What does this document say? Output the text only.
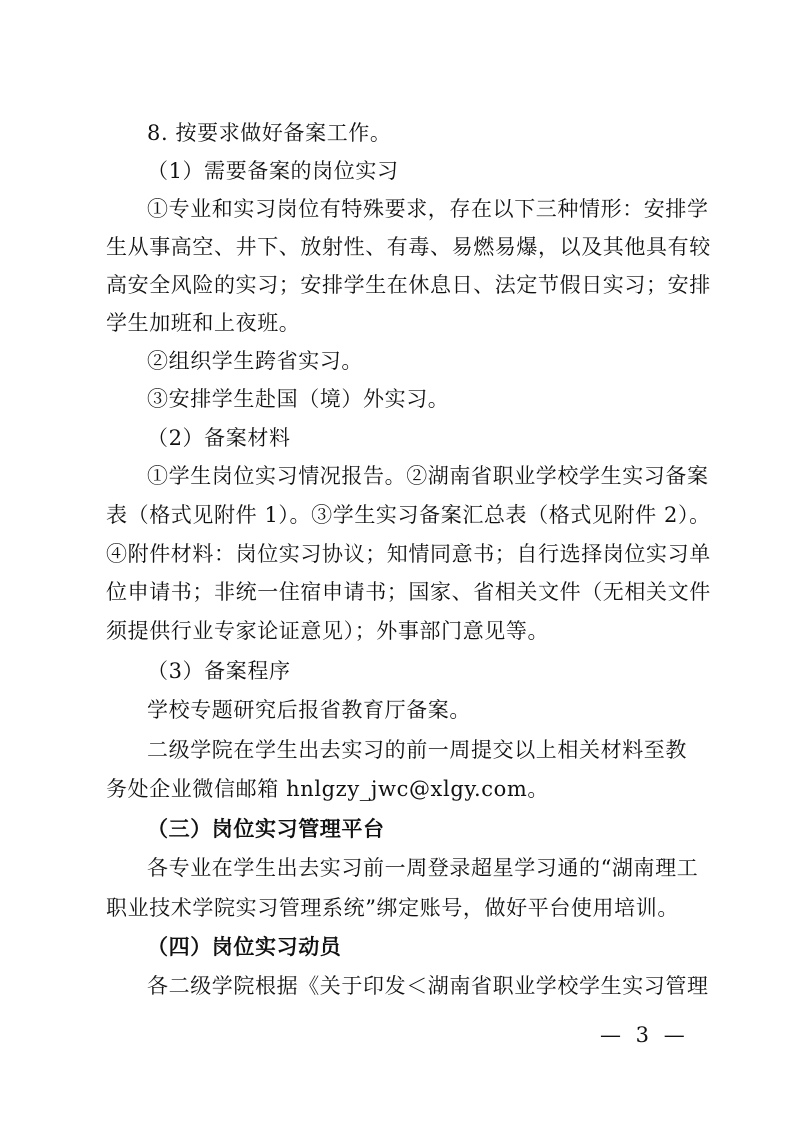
8. 按要求做好备案工作。
（1）需要备案的岗位实习
①专业和实习岗位有特殊要求，存在以下三种情形：安排学
生从事高空、井下、放射性、有毒、易燃易爆，以及其他具有较
高安全风险的实习；安排学生在休息日、法定节假日实习；安排
学生加班和上夜班。
②组织学生跨省实习。
③安排学生赴国（境）外实习。
（2）备案材料
①学生岗位实习情况报告。②湖南省职业学校学生实习备案
表（格式见附件 1）。③学生实习备案汇总表（格式见附件 2）。
④附件材料：岗位实习协议；知情同意书；自行选择岗位实习单
位申请书；非统一住宿申请书；国家、省相关文件（无相关文件
须提供行业专家论证意见）；外事部门意见等。
（3）备案程序
学校专题研究后报省教育厅备案。
二级学院在学生出去实习的前一周提交以上相关材料至教
务处企业微信邮箱 hnlgzy_jwc@xlgy.com。
（三）岗位实习管理平台
各专业在学生出去实习前一周登录超星学习通的“湖南理工
职业技术学院实习管理系统”绑定账号，做好平台使用培训。
（四）岗位实习动员
各二级学院根据《关于印发＜湖南省职业学校学生实习管理
— 3 —
